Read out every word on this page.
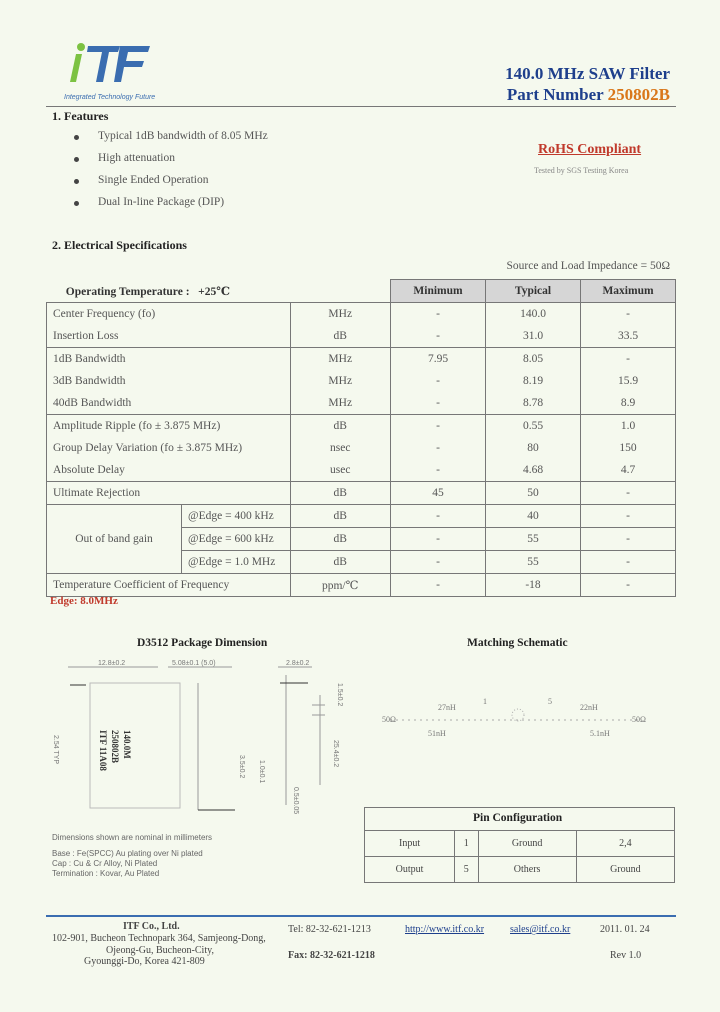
Integrated Technology Future
140.0 MHz SAW Filter
Part Number 250802B
1. Features
Typical 1dB bandwidth of 8.05 MHz
High attenuation
Single Ended Operation
Dual In-line Package (DIP)
RoHS Compliant
Tested by SGS Testing Korea
2. Electrical Specifications
Source and Load Impedance = 50Ω
Operating Temperature : +25℃			Minimum	Typical	Maximum
Center Frequency (fo)		MHz	-	140.0	-
Insertion Loss		dB	-	31.0	33.5
1dB Bandwidth		MHz	7.95	8.05	-
3dB Bandwidth		MHz	-	8.19	15.9
40dB Bandwidth		MHz	-	8.78	8.9
Amplitude Ripple (fo ± 3.875 MHz)		dB	-	0.55	1.0
Group Delay Variation (fo ± 3.875 MHz)		nsec	-	80	150
Absolute Delay		usec	-	4.68	4.7
Ultimate Rejection		dB	45	50	-
Out of band gain	@Edge = 400 kHz	dB	-	40	-
	@Edge = 600 kHz	dB	-	55	-
	@Edge = 1.0 MHz	dB	-	55	-
Temperature Coefficient of Frequency		ppm/℃	-	-18	-
Edge: 8.0MHz
D3512 Package Dimension
12.8±0.2	5.08±0.1 (5.0)	2.8±0.2
1.5±0.2
3.5±0.2 1.0±0.1
0.5±0.05
2.54 TYP	25.4±0.2
ITF 11A08 250802B 140.0M
Dimensions shown are nominal in millimeters
Base : Fe(SPCC) Au plating over Ni plated
Cap : Cu & Cr Alloy, Ni Plated
Termination : Kovar, Au Plated
Matching Schematic
27nH
1	5
22nH
50Ω
51nH	5.1nH
50Ω
Pin Configuration
Input	1	Ground	2,4
Output	5	Others	Ground
ITF Co., Ltd.
102-901, Bucheon Technopark 364, Samjeong-Dong,
Ojeong-Gu, Bucheon-City,
Gyounggi-Do, Korea 421-809
Tel: 82-32-621-1213
Fax: 82-32-621-1218
http://www.itf.co.kr	sales@itf.co.kr	2011. 01. 24
Rev 1.0
